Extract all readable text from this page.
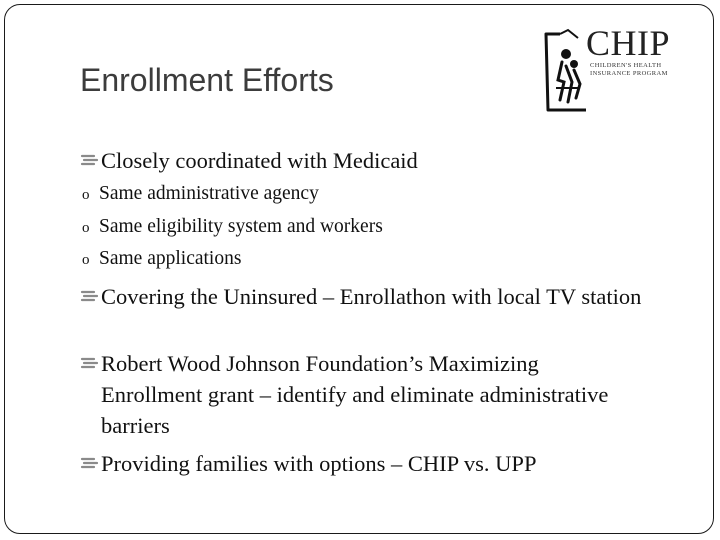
Enrollment Efforts
CHIP
CHILDREN'S HEALTH INSURANCE PROGRAM
Closely coordinated with Medicaid
o Same administrative agency
o Same eligibility system and workers
o Same applications
Covering the Uninsured – Enrollathon with local TV station
Robert Wood Johnson Foundation’s Maximizing Enrollment grant – identify and eliminate administrative barriers
Providing families with options – CHIP vs. UPP
